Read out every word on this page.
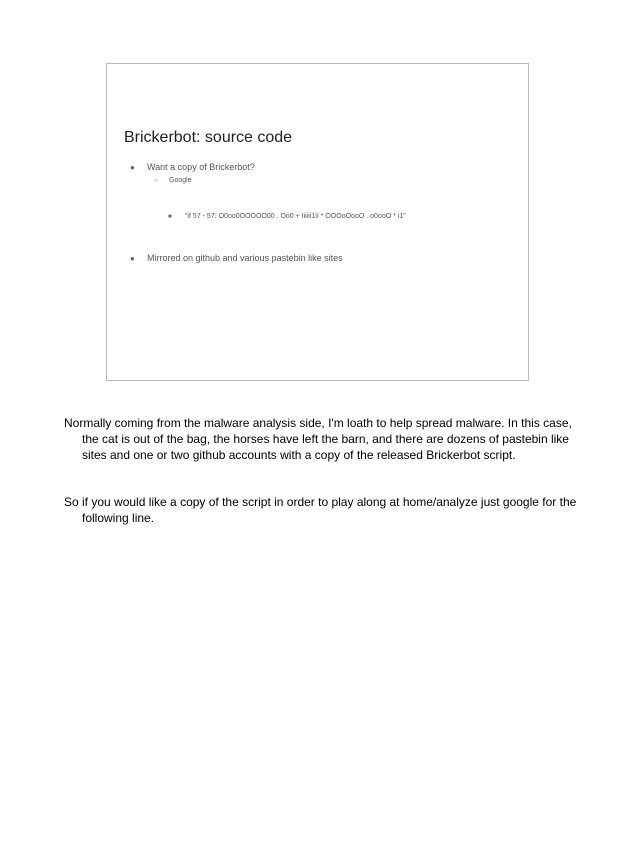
Brickerbot: source code
● Want a copy of Brickerbot?
○ Google
■ "if 57 - 57: O0oo0OOOOO00 . Oo0 + Iiiiii1iI * OOOoOooO . o0ooO * i1"
● Mirrored on github and various pastebin like sites

Normally coming from the malware analysis side, I'm loath to help spread malware. In this case, the cat is out of the bag, the horses have left the barn, and there are dozens of pastebin like sites and one or two github accounts with a copy of the released Brickerbot script.

So if you would like a copy of the script in order to play along at home/analyze just google for the following line.
